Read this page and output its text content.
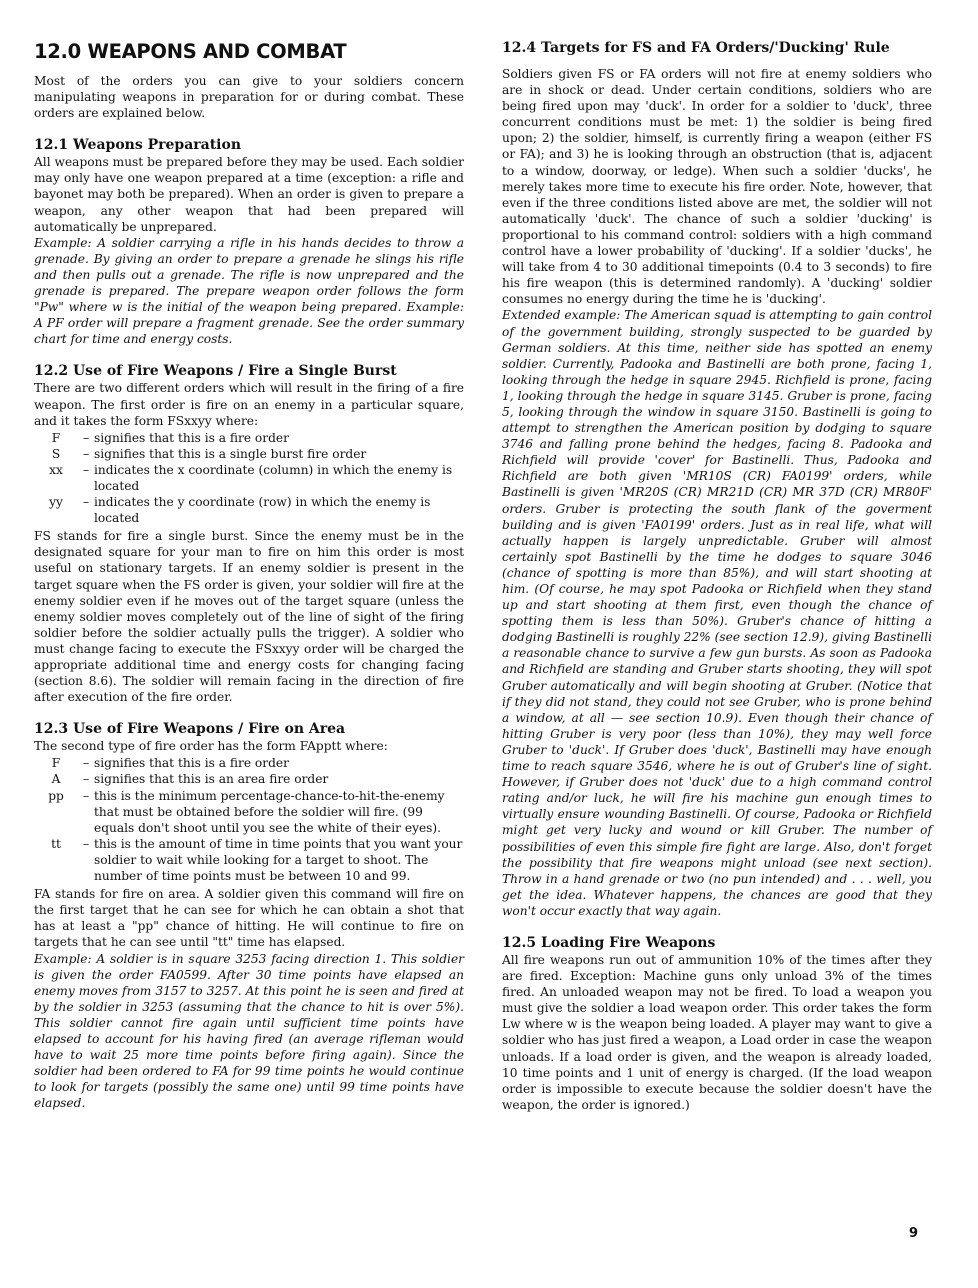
12.0 WEAPONS AND COMBAT

Most of the orders you can give to your soldiers concern manipulating weapons in preparation for or during combat. These orders are explained below.

12.1 Weapons Preparation

All weapons must be prepared before they may be used. Each soldier may only have one weapon prepared at a time (exception: a rifle and bayonet may both be prepared). When an order is given to prepare a weapon, any other weapon that had been prepared will automatically be unprepared.

Example: A soldier carrying a rifle in his hands decides to throw a grenade. By giving an order to prepare a grenade he slings his rifle and then pulls out a grenade. The rifle is now unprepared and the grenade is prepared. The prepare weapon order follows the form "Pw" where w is the initial of the weapon being prepared. Example: A PF order will prepare a fragment grenade. See the order summary chart for time and energy costs.

12.2 Use of Fire Weapons / Fire a Single Burst

There are two different orders which will result in the firing of a fire weapon. The first order is fire on an enemy in a particular square, and it takes the form FSxxyy where:

F	– signifies that this is a fire order
S	– signifies that this is a single burst fire order
xx	– indicates the x coordinate (column) in which the enemy is located
yy	– indicates the y coordinate (row) in which the enemy is located

FS stands for fire a single burst. Since the enemy must be in the designated square for your man to fire on him this order is most useful on stationary targets. If an enemy soldier is present in the target square when the FS order is given, your soldier will fire at the enemy soldier even if he moves out of the target square (unless the enemy soldier moves completely out of the line of sight of the firing soldier before the soldier actually pulls the trigger). A soldier who must change facing to execute the FSxxyy order will be charged the appropriate additional time and energy costs for changing facing (section 8.6). The soldier will remain facing in the direction of fire after execution of the fire order.

12.3 Use of Fire Weapons / Fire on Area

The second type of fire order has the form FApptt where:

F	– signifies that this is a fire order
A	– signifies that this is an area fire order
pp	– this is the minimum percentage-chance-to-hit-the-enemy that must be obtained before the soldier will fire. (99 equals don't shoot until you see the white of their eyes).
tt	– this is the amount of time in time points that you want your soldier to wait while looking for a target to shoot. The number of time points must be between 10 and 99.

FA stands for fire on area. A soldier given this command will fire on the first target that he can see for which he can obtain a shot that has at least a "pp" chance of hitting. He will continue to fire on targets that he can see until "tt" time has elapsed.

Example: A soldier is in square 3253 facing direction 1. This soldier is given the order FA0599. After 30 time points have elapsed an enemy moves from 3157 to 3257. At this point he is seen and fired at by the soldier in 3253 (assuming that the chance to hit is over 5%). This soldier cannot fire again until sufficient time points have elapsed to account for his having fired (an average rifleman would have to wait 25 more time points before firing again). Since the soldier had been ordered to FA for 99 time points he would continue to look for targets (possibly the same one) until 99 time points have elapsed.

12.4 Targets for FS and FA Orders/'Ducking' Rule

Soldiers given FS or FA orders will not fire at enemy soldiers who are in shock or dead. Under certain conditions, soldiers who are being fired upon may 'duck'. In order for a soldier to 'duck', three concurrent conditions must be met: 1) the soldier is being fired upon; 2) the soldier, himself, is currently firing a weapon (either FS or FA); and 3) he is looking through an obstruction (that is, adjacent to a window, doorway, or ledge). When such a soldier 'ducks', he merely takes more time to execute his fire order. Note, however, that even if the three conditions listed above are met, the soldier will not automatically 'duck'. The chance of such a soldier 'ducking' is proportional to his command control: soldiers with a high command control have a lower probability of 'ducking'. If a soldier 'ducks', he will take from 4 to 30 additional timepoints (0.4 to 3 seconds) to fire his fire weapon (this is determined randomly). A 'ducking' soldier consumes no energy during the time he is 'ducking'.

Extended example: The American squad is attempting to gain control of the government building, strongly suspected to be guarded by German soldiers. At this time, neither side has spotted an enemy soldier. Currently, Padooka and Bastinelli are both prone, facing 1, looking through the hedge in square 2945. Richfield is prone, facing 1, looking through the hedge in square 3145. Gruber is prone, facing 5, looking through the window in square 3150. Bastinelli is going to attempt to strengthen the American position by dodging to square 3746 and falling prone behind the hedges, facing 8. Padooka and Richfield will provide 'cover' for Bastinelli. Thus, Padooka and Richfield are both given 'MR10S (CR) FA0199' orders, while Bastinelli is given 'MR20S (CR) MR21D (CR) MR 37D (CR) MR80F' orders. Gruber is protecting the south flank of the goverment building and is given 'FA0199' orders. Just as in real life, what will actually happen is largely unpredictable. Gruber will almost certainly spot Bastinelli by the time he dodges to square 3046 (chance of spotting is more than 85%), and will start shooting at him. (Of course, he may spot Padooka or Richfield when they stand up and start shooting at them first, even though the chance of spotting them is less than 50%). Gruber's chance of hitting a dodging Bastinelli is roughly 22% (see section 12.9), giving Bastinelli a reasonable chance to survive a few gun bursts. As soon as Padooka and Richfield are standing and Gruber starts shooting, they will spot Gruber automatically and will begin shooting at Gruber. (Notice that if they did not stand, they could not see Gruber, who is prone behind a window, at all — see section 10.9). Even though their chance of hitting Gruber is very poor (less than 10%), they may well force Gruber to 'duck'. If Gruber does 'duck', Bastinelli may have enough time to reach square 3546, where he is out of Gruber's line of sight. However, if Gruber does not 'duck' due to a high command control rating and/or luck, he will fire his machine gun enough times to virtually ensure wounding Bastinelli. Of course, Padooka or Richfield might get very lucky and wound or kill Gruber. The number of possibilities of even this simple fire fight are large. Also, don't forget the possibility that fire weapons might unload (see next section). Throw in a hand grenade or two (no pun intended) and . . . well, you get the idea. Whatever happens, the chances are good that they won't occur exactly that way again.

12.5 Loading Fire Weapons

All fire weapons run out of ammunition 10% of the times after they are fired. Exception: Machine guns only unload 3% of the times fired. An unloaded weapon may not be fired. To load a weapon you must give the soldier a load weapon order. This order takes the form Lw where w is the weapon being loaded. A player may want to give a soldier who has just fired a weapon, a Load order in case the weapon unloads. If a load order is given, and the weapon is already loaded, 10 time points and 1 unit of energy is charged. (If the load weapon order is impossible to execute because the soldier doesn't have the weapon, the order is ignored.)

9
